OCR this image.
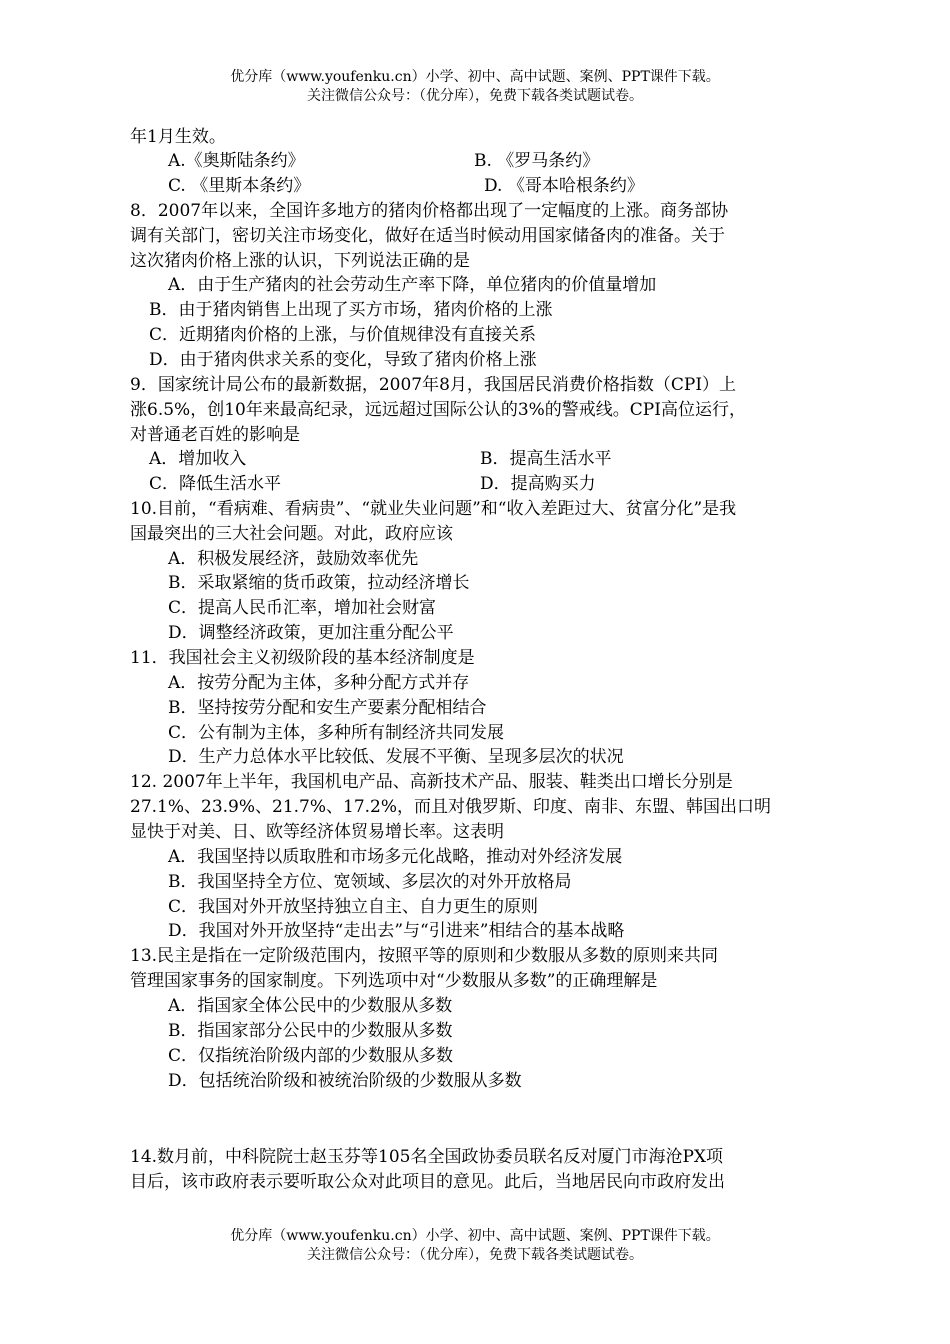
优分库（www.youfenku.cn）小学、初中、高中试题、案例、PPT课件下载。
关注微信公众号：（优分库），免费下载各类试题试卷。
年1月生效。
A.《奥斯陆条约》	B. 《罗马条约》
C. 《里斯本条约》	D. 《哥本哈根条约》
8．2007年以来，全国许多地方的猪肉价格都出现了一定幅度的上涨。商务部协
调有关部门，密切关注市场变化，做好在适当时候动用国家储备肉的准备。关于
这次猪肉价格上涨的认识，下列说法正确的是
A．由于生产猪肉的社会劳动生产率下降，单位猪肉的价值量增加
B．由于猪肉销售上出现了买方市场，猪肉价格的上涨
C．近期猪肉价格的上涨，与价值规律没有直接关系
D．由于猪肉供求关系的变化，导致了猪肉价格上涨
9．国家统计局公布的最新数据，2007年8月，我国居民消费价格指数（CPI）上
涨6.5%，创10年来最高纪录，远远超过国际公认的3%的警戒线。CPI高位运行，
对普通老百姓的影响是
A．增加收入	B．提高生活水平
C．降低生活水平	D．提高购买力
10.目前，“看病难、看病贵”、“就业失业问题”和“收入差距过大、贫富分化”是我
国最突出的三大社会问题。对此，政府应该
A．积极发展经济，鼓励效率优先
B．采取紧缩的货币政策，拉动经济增长
C．提高人民币汇率，增加社会财富
D．调整经济政策，更加注重分配公平
11．我国社会主义初级阶段的基本经济制度是
A．按劳分配为主体，多种分配方式并存
B．坚持按劳分配和安生产要素分配相结合
C．公有制为主体，多种所有制经济共同发展
D．生产力总体水平比较低、发展不平衡、呈现多层次的状况
12. 2007年上半年，我国机电产品、高新技术产品、服装、鞋类出口增长分别是
27.1%、23.9%、21.7%、17.2%，而且对俄罗斯、印度、南非、东盟、韩国出口明
显快于对美、日、欧等经济体贸易增长率。这表明
A．我国坚持以质取胜和市场多元化战略，推动对外经济发展
B．我国坚持全方位、宽领域、多层次的对外开放格局
C．我国对外开放坚持独立自主、自力更生的原则
D．我国对外开放坚持“走出去”与“引进来”相结合的基本战略
13.民主是指在一定阶级范围内，按照平等的原则和少数服从多数的原则来共同
管理国家事务的国家制度。下列选项中对“少数服从多数”的正确理解是
A．指国家全体公民中的少数服从多数
B．指国家部分公民中的少数服从多数
C．仅指统治阶级内部的少数服从多数
D．包括统治阶级和被统治阶级的少数服从多数
14.数月前，中科院院士赵玉芬等105名全国政协委员联名反对厦门市海沧PX项
目后，该市政府表示要听取公众对此项目的意见。此后，当地居民向市政府发出
优分库（www.youfenku.cn）小学、初中、高中试题、案例、PPT课件下载。
关注微信公众号：（优分库），免费下载各类试题试卷。
